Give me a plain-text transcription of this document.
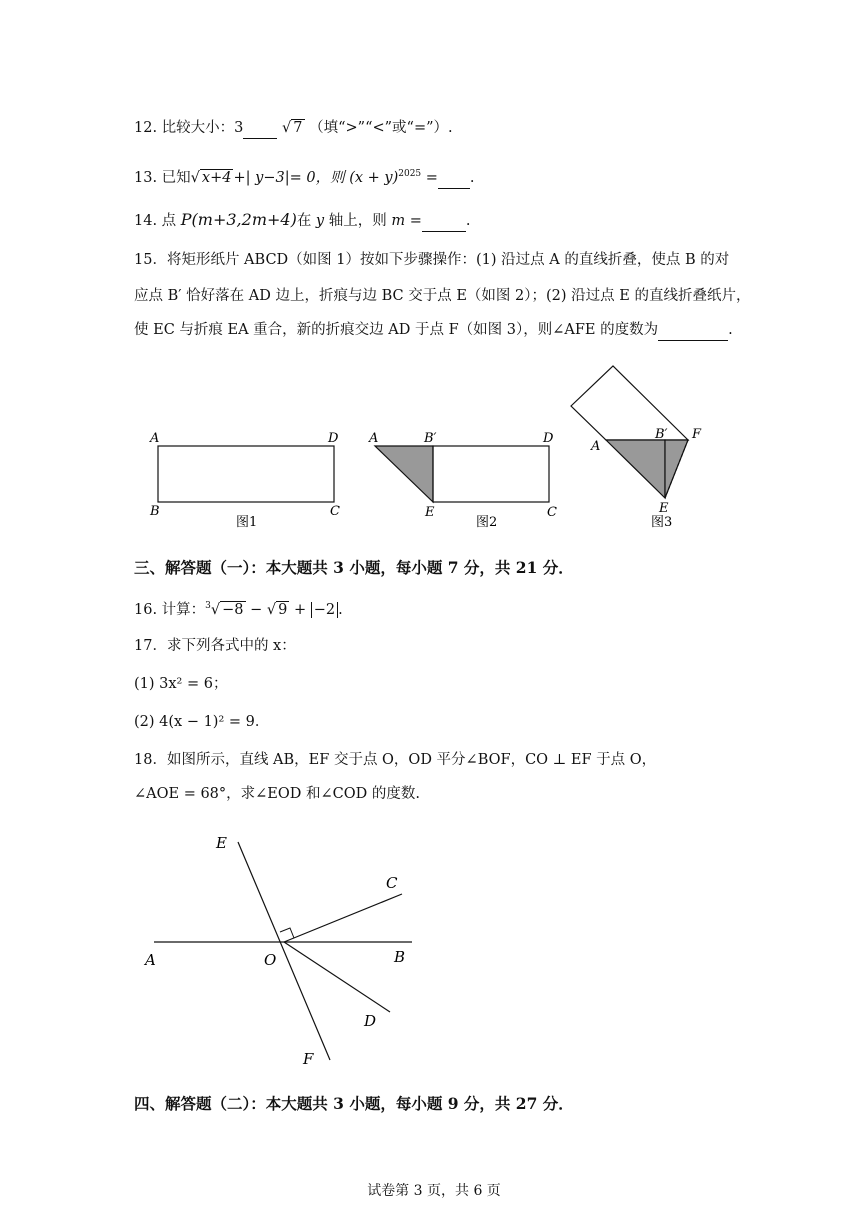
12. 比较大小：3  √ 7 （填“>”“<”或“=”）.
13. 已知√ x+4 +| y−3|= 0，则 $(x + y)^{2025}$ = .
14. 点 P(m+3,2m+4)在 y 轴上，则 m =	.
15．将矩形纸片 ABCD（如图 1）按如下步骤操作：(1) 沿过点 A 的直线折叠，使点 B 的对
应点 B′ 恰好落在 AD 边上，折痕与边 BC 交于点 E（如图 2）；(2) 沿过点 E 的直线折叠纸片，
使 EC 与折痕 EA 重合，新的折痕交边 AD 于点 F（如图 3），则∠AFE 的度数为	.
A	D
B	C
图1
A	B′	D
E	C
图2
A
B′ F
E
图3
三、解答题（一）：本大题共 3 小题，每小题 7 分，共 21 分．
16. 计算：$^3$√ −8 − √ 9 + −2 .
17．求下列各式中的 x：
(1) 3x² = 6；
(2) 4(x − 1)² = 9．
18．如图所示，直线 AB，EF 交于点 O，OD 平分∠BOF，CO ⊥ EF 于点 O，
∠AOE = 68°，求∠EOD 和∠COD 的度数.
E
C
A	O	B
D
F
四、解答题（二）：本大题共 3 小题，每小题 9 分，共 27 分．
试卷第 3 页，共 6 页
